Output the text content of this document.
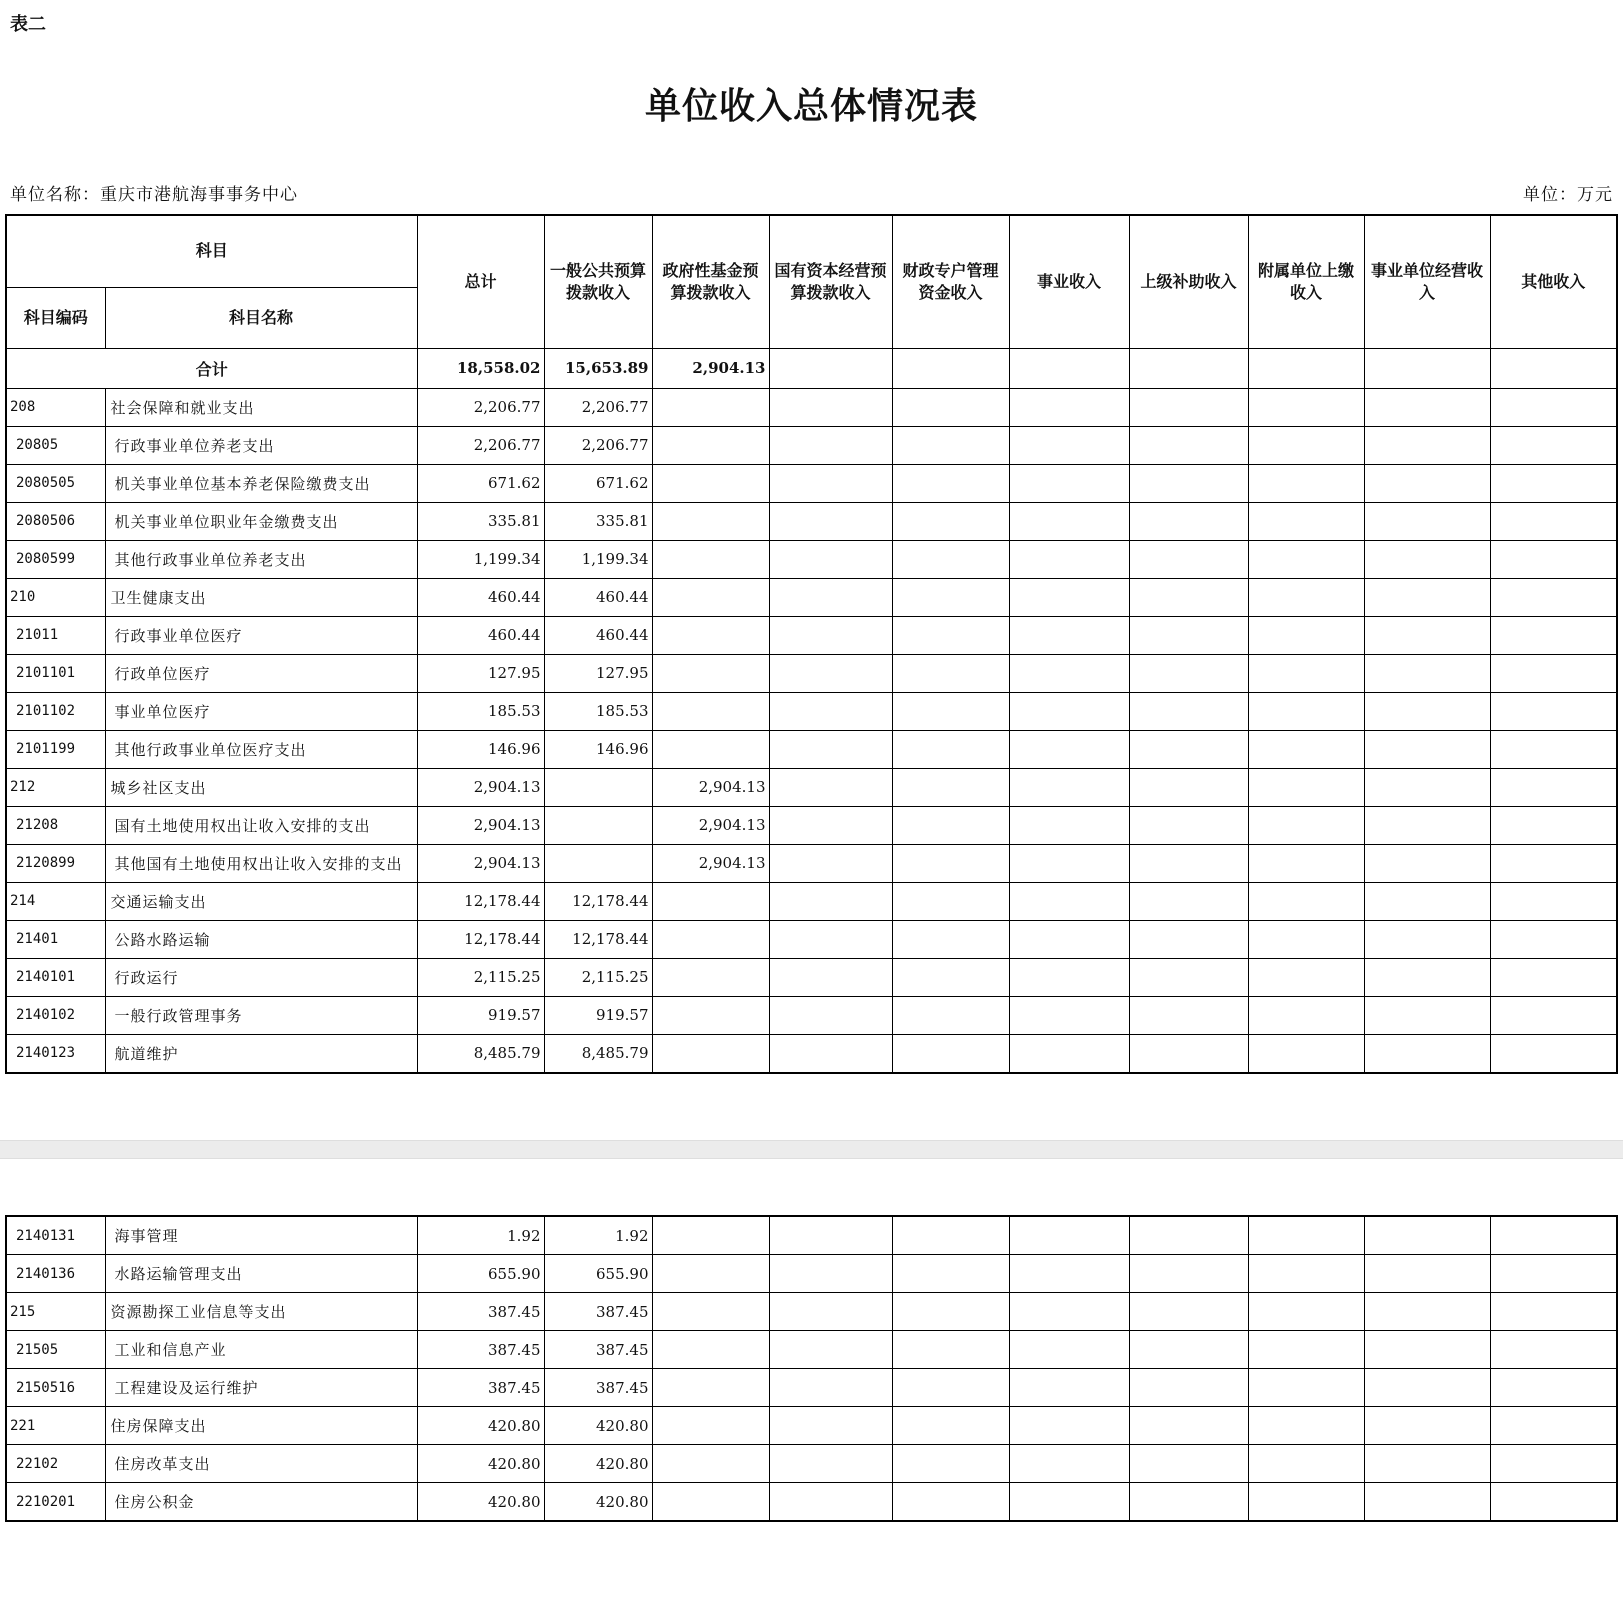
表二
单位收入总体情况表
单位名称：重庆市港航海事事务中心	单位：万元
科目		总计	一般公共预算拨款收入	政府性基金预算拨款收入	国有资本经营预算拨款收入	财政专户管理资金收入	事业收入	上级补助收入	附属单位上缴收入	事业单位经营收入	其他收入
科目编码	科目名称										
合计		18,558.02	15,653.89	2,904.13							
208	社会保障和就业支出	2,206.77	2,206.77								
20805	行政事业单位养老支出	2,206.77	2,206.77								
2080505	机关事业单位基本养老保险缴费支出	671.62	671.62								
2080506	机关事业单位职业年金缴费支出	335.81	335.81								
2080599	其他行政事业单位养老支出	1,199.34	1,199.34								
210	卫生健康支出	460.44	460.44								
21011	行政事业单位医疗	460.44	460.44								
2101101	行政单位医疗	127.95	127.95								
2101102	事业单位医疗	185.53	185.53								
2101199	其他行政事业单位医疗支出	146.96	146.96								
212	城乡社区支出	2,904.13		2,904.13							
21208	国有土地使用权出让收入安排的支出	2,904.13		2,904.13							
2120899	其他国有土地使用权出让收入安排的支出	2,904.13		2,904.13							
214	交通运输支出	12,178.44	12,178.44								
21401	公路水路运输	12,178.44	12,178.44								
2140101	行政运行	2,115.25	2,115.25								
2140102	一般行政管理事务	919.57	919.57								
2140123	航道维护	8,485.79	8,485.79								
2140131	海事管理	1.92	1.92								
2140136	水路运输管理支出	655.90	655.90								
215	资源勘探工业信息等支出	387.45	387.45								
21505	工业和信息产业	387.45	387.45								
2150516	工程建设及运行维护	387.45	387.45								
221	住房保障支出	420.80	420.80								
22102	住房改革支出	420.80	420.80								
2210201	住房公积金	420.80	420.80								
